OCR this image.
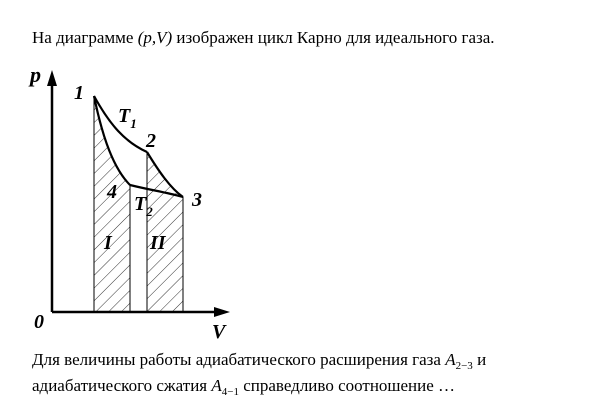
На диаграмме (p,V) изображен цикл Карно для идеального газа.
p
V
0
1
2
3
4
$T_1$
$T_2$
I II
Для величины работы адиабатического расширения газа $A_{2-3}$ и
адиабатического сжатия $A_{4-1}$ справедливо соотношение …
